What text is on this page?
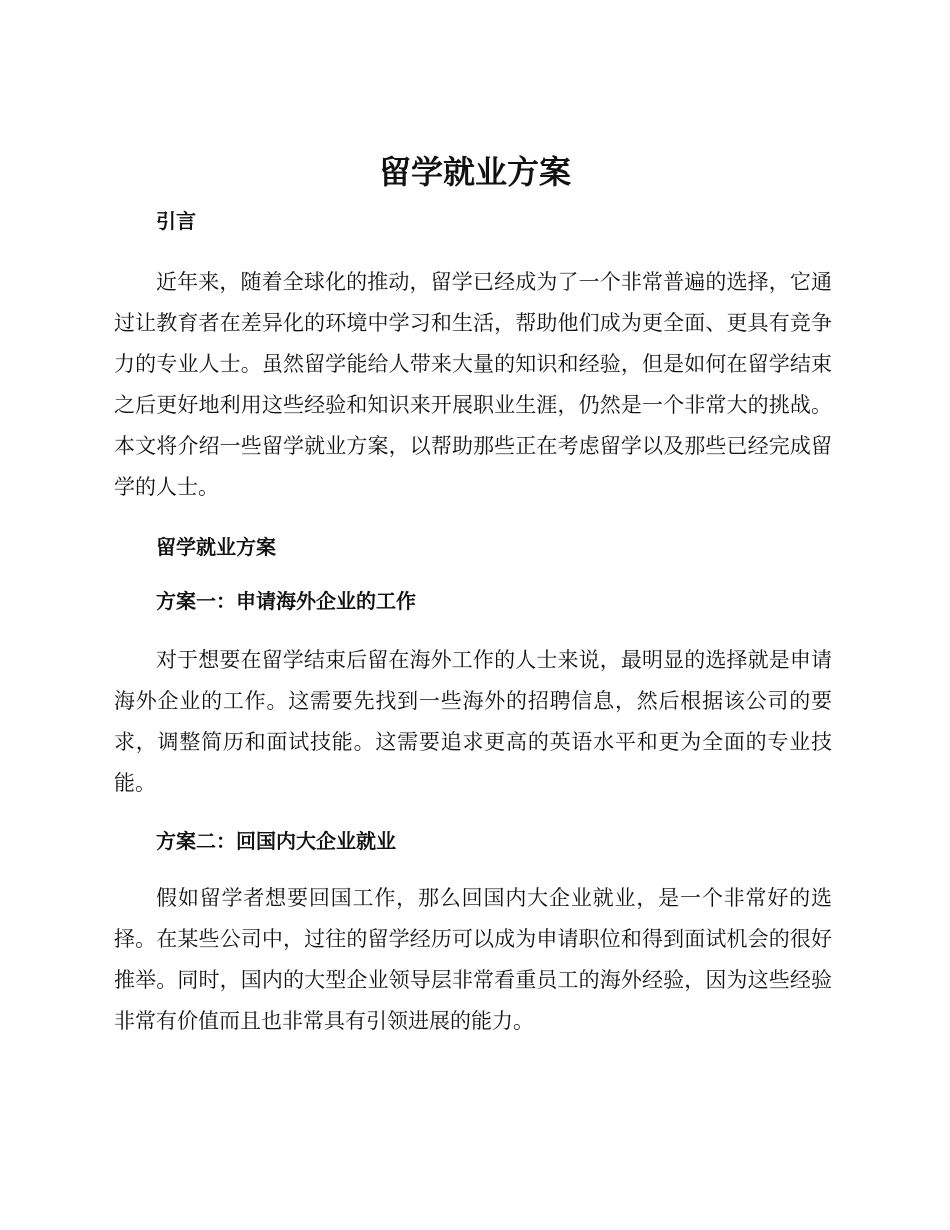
留学就业方案

引言

近年来，随着全球化的推动，留学已经成为了一个非常普遍的选择，它通过让教育者在差异化的环境中学习和生活，帮助他们成为更全面、更具有竞争力的专业人士。虽然留学能给人带来大量的知识和经验，但是如何在留学结束之后更好地利用这些经验和知识来开展职业生涯，仍然是一个非常大的挑战。本文将介绍一些留学就业方案，以帮助那些正在考虑留学以及那些已经完成留学的人士。

留学就业方案

方案一：申请海外企业的工作

对于想要在留学结束后留在海外工作的人士来说，最明显的选择就是申请海外企业的工作。这需要先找到一些海外的招聘信息，然后根据该公司的要求，调整简历和面试技能。这需要追求更高的英语水平和更为全面的专业技能。

方案二：回国内大企业就业

假如留学者想要回国工作，那么回国内大企业就业，是一个非常好的选择。在某些公司中，过往的留学经历可以成为申请职位和得到面试机会的很好推举。同时，国内的大型企业领导层非常看重员工的海外经验，因为这些经验非常有价值而且也非常具有引领进展的能力。
